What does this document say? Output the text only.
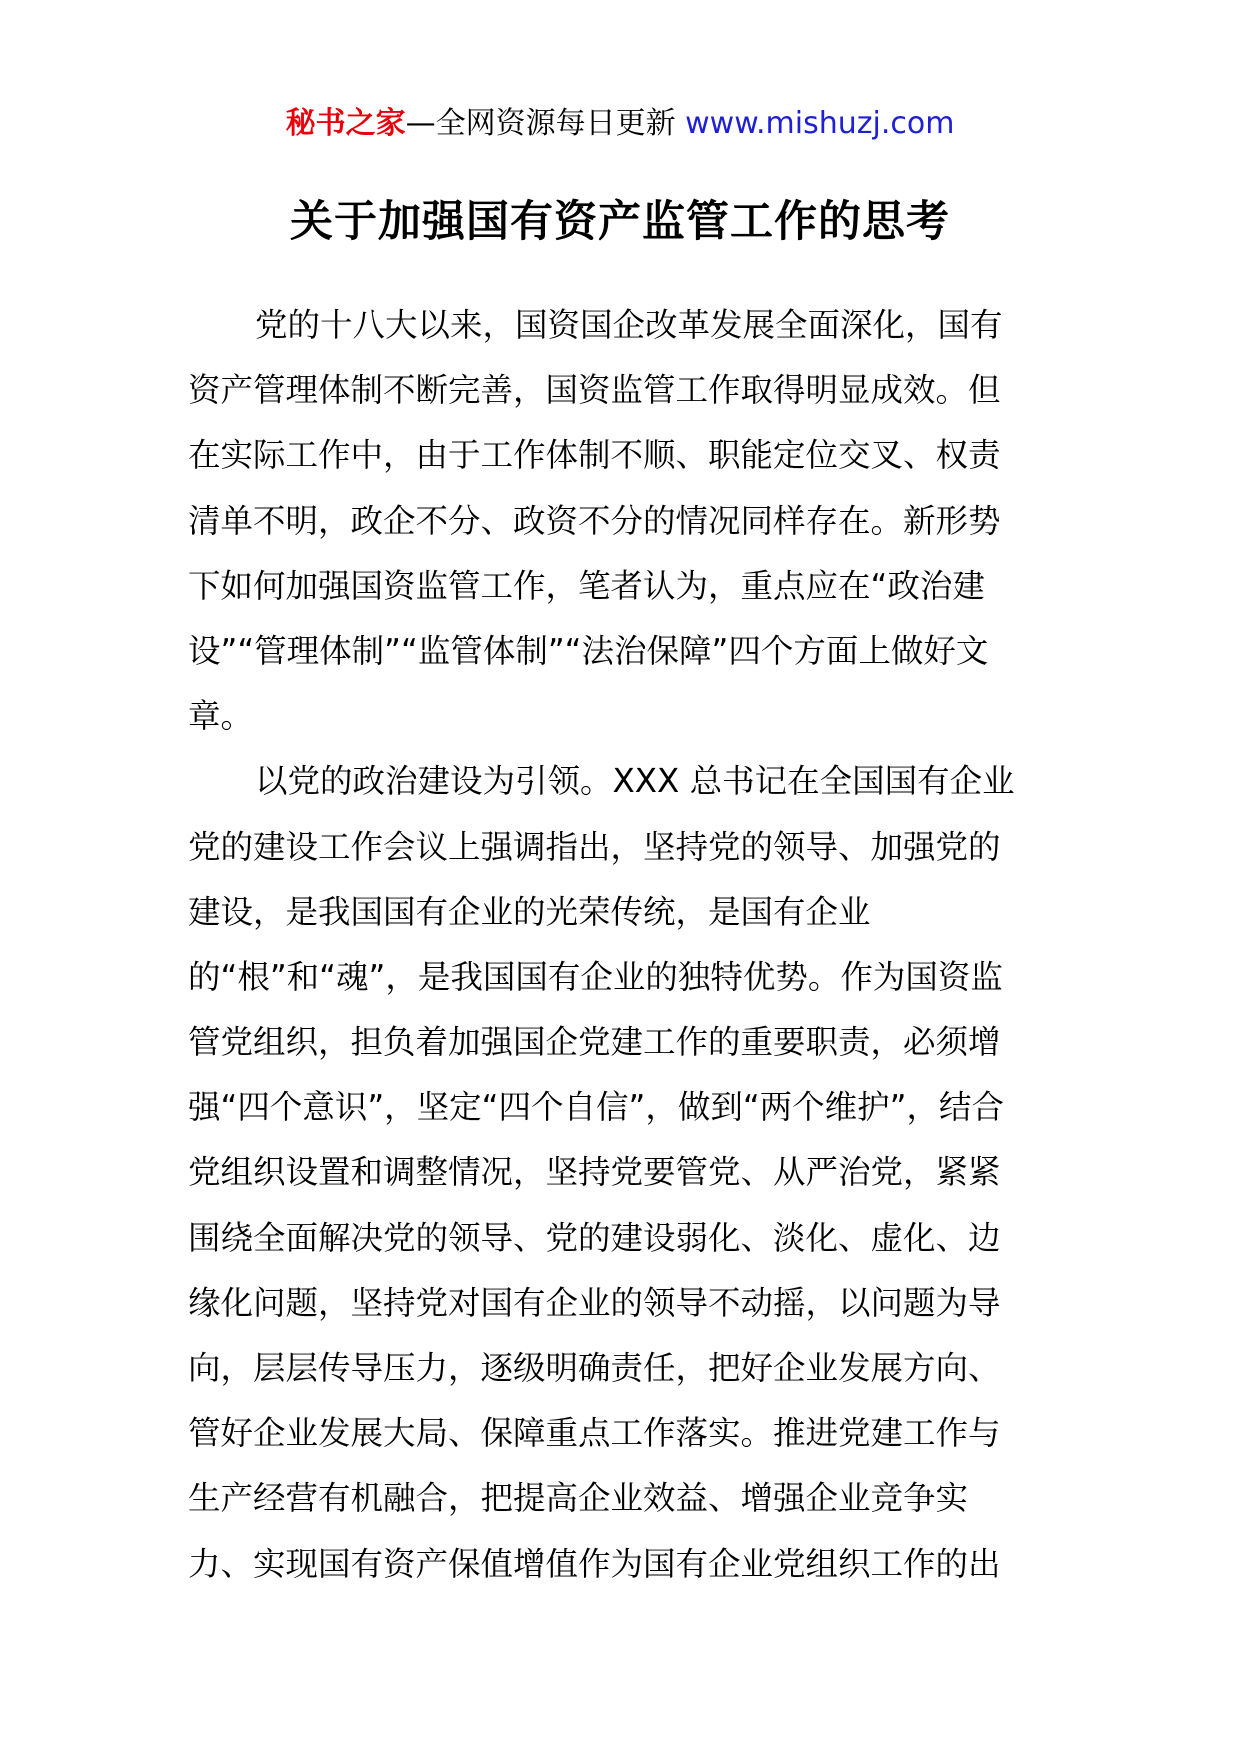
秘书之家—全网资源每日更新 www.mishuzj.com
关于加强国有资产监管工作的思考
党的十八大以来，国资国企改革发展全面深化，国有
资产管理体制不断完善，国资监管工作取得明显成效。但
在实际工作中，由于工作体制不顺、职能定位交叉、权责
清单不明，政企不分、政资不分的情况同样存在。新形势
下如何加强国资监管工作，笔者认为，重点应在“政治建
设”“管理体制”“监管体制”“法治保障”四个方面上做好文
章。
以党的政治建设为引领。XXX 总书记在全国国有企业
党的建设工作会议上强调指出，坚持党的领导、加强党的
建设，是我国国有企业的光荣传统，是国有企业
的“根”和“魂”，是我国国有企业的独特优势。作为国资监
管党组织，担负着加强国企党建工作的重要职责，必须增
强“四个意识”，坚定“四个自信”，做到“两个维护”，结合
党组织设置和调整情况，坚持党要管党、从严治党，紧紧
围绕全面解决党的领导、党的建设弱化、淡化、虚化、边
缘化问题，坚持党对国有企业的领导不动摇，以问题为导
向，层层传导压力，逐级明确责任，把好企业发展方向、
管好企业发展大局、保障重点工作落实。推进党建工作与
生产经营有机融合，把提高企业效益、增强企业竞争实
力、实现国有资产保值增值作为国有企业党组织工作的出
